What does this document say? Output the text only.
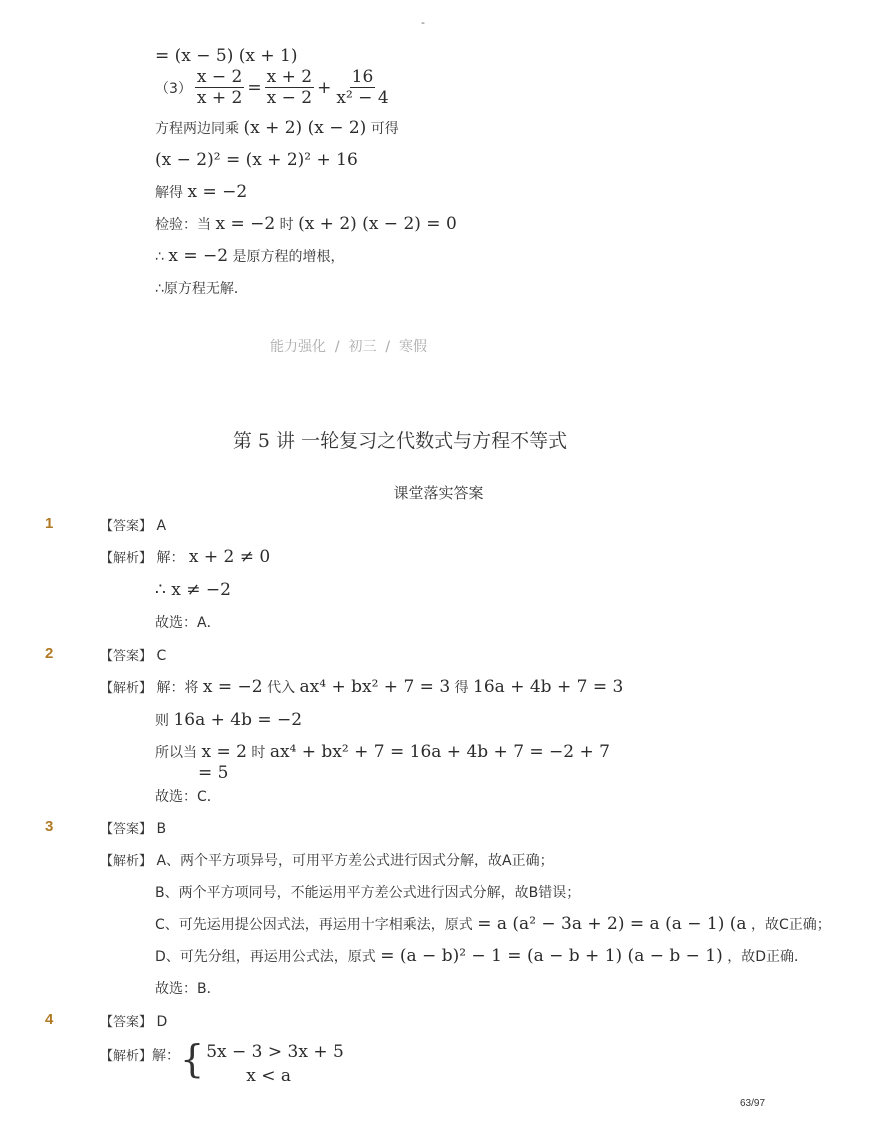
-
= (x − 5) (x + 1)
$(3) \frac{x - 2}{x + 2} = \frac{x + 2}{x - 2} + \frac{16}{\text{x² − 4}}$
方程两边同乘 (x + 2) (x − 2) 可得
(x − 2)² = (x + 2)² + 16
解得 x = −2
检验：当 x = −2 时 (x + 2) (x − 2) = 0
∴ x = −2 是原方程的增根，
∴原方程无解．
能力强化  /  初三  /  寒假
第 5 讲 一轮复习之代数式与方程不等式
课堂落实答案
1	【答案】 A
【解析】 解： x + 2 ≠ 0
∴ x ≠ −2
故选：A．
2	【答案】 C
【解析】 解：将 x = −2 代入 ax⁴ + bx² + 7 = 3 得 16a + 4b + 7 = 3
则 16a + 4b = −2
所以当 x = 2 时 ax⁴ + bx² + 7 = 16a + 4b + 7 = −2 + 7
= 5
故选：C．
3	【答案】 B
【解析】 A、两个平方项异号，可用平方差公式进行因式分解，故A正确；
B、两个平方项同号，不能运用平方差公式进行因式分解，故B错误；
C、可先运用提公因式法，再运用十字相乘法，原式 = a (a² − 3a + 2) = a (a − 1) (a ，故C正确；
D、可先分组，再运用公式法，原式 = (a − b)² − 1 = (a − b + 1) (a − b − 1) ，故D正确．
故选：B．
4	【答案】 D
【解析】 解： { 5x − 3 > 3x + 5
x < a
63/97
